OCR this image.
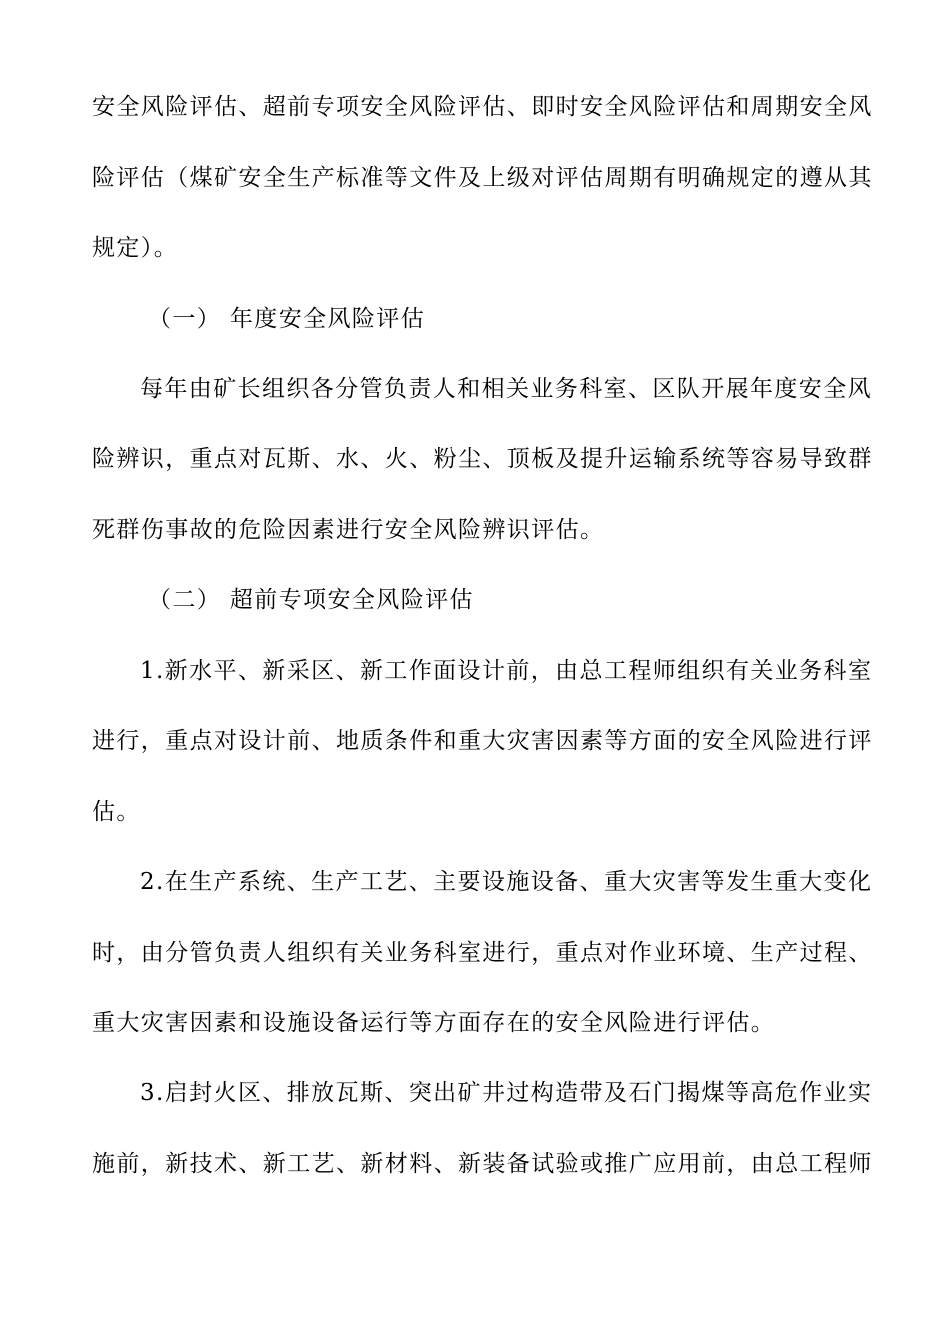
安全风险评估、超前专项安全风险评估、即时安全风险评估和周期安全风

险评估（煤矿安全生产标准等文件及上级对评估周期有明确规定的遵从其

规定）。

（一） 年度安全风险评估

每年由矿长组织各分管负责人和相关业务科室、区队开展年度安全风

险辨识，重点对瓦斯、水、火、粉尘、顶板及提升运输系统等容易导致群

死群伤事故的危险因素进行安全风险辨识评估。

（二） 超前专项安全风险评估

1.新水平、新采区、新工作面设计前，由总工程师组织有关业务科室

进行，重点对设计前、地质条件和重大灾害因素等方面的安全风险进行评

估。

2.在生产系统、生产工艺、主要设施设备、重大灾害等发生重大变化

时，由分管负责人组织有关业务科室进行，重点对作业环境、生产过程、

重大灾害因素和设施设备运行等方面存在的安全风险进行评估。

3.启封火区、排放瓦斯、突出矿井过构造带及石门揭煤等高危作业实

施前，新技术、新工艺、新材料、新装备试验或推广应用前，由总工程师
